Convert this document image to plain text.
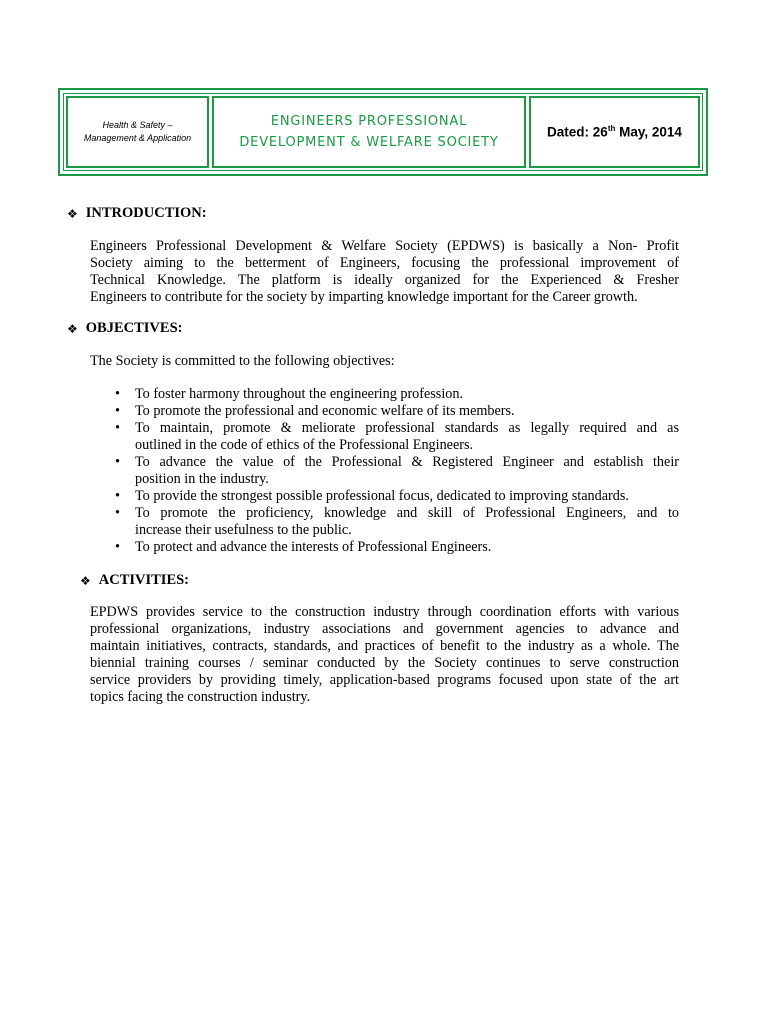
Health & Safety –
Management & Application
ENGINEERS PROFESSIONAL
DEVELOPMENT & WELFARE SOCIETY
Dated: 26th May, 2014
❖ INTRODUCTION:
Engineers Professional Development & Welfare Society (EPDWS) is basically a Non- Profit
Society aiming to the betterment of Engineers, focusing the professional improvement of
Technical Knowledge. The platform is ideally organized for the Experienced & Fresher
Engineers to contribute for the society by imparting knowledge important for the Career growth.
❖ OBJECTIVES:
The Society is committed to the following objectives:
• To foster harmony throughout the engineering profession.
• To promote the professional and economic welfare of its members.
• To maintain, promote & meliorate professional standards as legally required and as
outlined in the code of ethics of the Professional Engineers.
• To advance the value of the Professional & Registered Engineer and establish their
position in the industry.
• To provide the strongest possible professional focus, dedicated to improving standards.
• To promote the proficiency, knowledge and skill of Professional Engineers, and to
increase their usefulness to the public.
• To protect and advance the interests of Professional Engineers.
❖ ACTIVITIES:
EPDWS provides service to the construction industry through coordination efforts with various
professional organizations, industry associations and government agencies to advance and
maintain initiatives, contracts, standards, and practices of benefit to the industry as a whole. The
biennial training courses / seminar conducted by the Society continues to serve construction
service providers by providing timely, application-based programs focused upon state of the art
topics facing the construction industry.
